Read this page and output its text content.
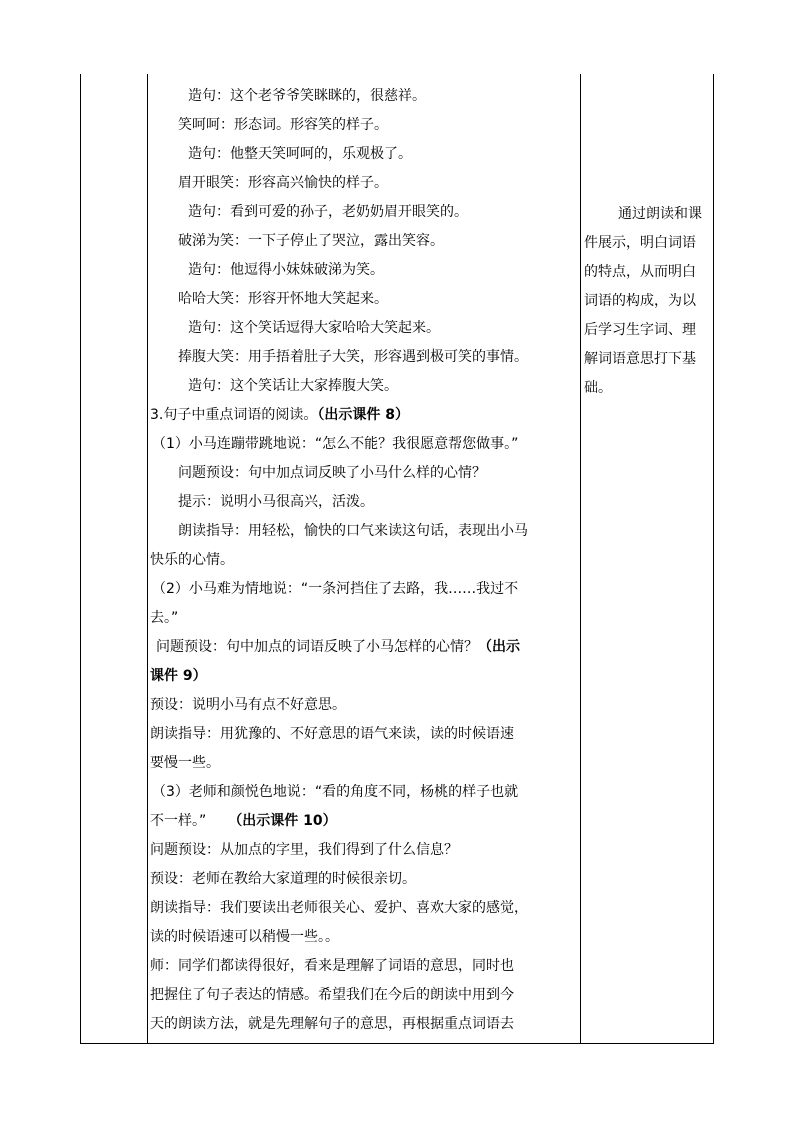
造句：这个老爷爷笑眯眯的，很慈祥。
笑呵呵：形态词。形容笑的样子。
造句：他整天笑呵呵的，乐观极了。
眉开眼笑：形容高兴愉快的样子。
造句：看到可爱的孙子，老奶奶眉开眼笑的。
破涕为笑：一下子停止了哭泣，露出笑容。
造句：他逗得小妹妹破涕为笑。
哈哈大笑：形容开怀地大笑起来。
造句：这个笑话逗得大家哈哈大笑起来。
捧腹大笑：用手捂着肚子大笑，形容遇到极可笑的事情。
造句：这个笑话让大家捧腹大笑。
3.句子中重点词语的阅读。（出示课件 8）
（1）小马连蹦带跳地说：“怎么不能？我很愿意帮您做事。”
问题预设：句中加点词反映了小马什么样的心情？
提示：说明小马很高兴，活泼。
朗读指导：用轻松，愉快的口气来读这句话，表现出小马
快乐的心情。
（2）小马难为情地说：“一条河挡住了去路，我……我过不
去。”
问题预设：句中加点的词语反映了小马怎样的心情？（出示
课件 9）
预设：说明小马有点不好意思。
朗读指导：用犹豫的、不好意思的语气来读，读的时候语速
要慢一些。
（3）老师和颜悦色地说：“看的角度不同，杨桃的样子也就
不一样。” （出示课件 10）
问题预设：从加点的字里，我们得到了什么信息？
预设：老师在教给大家道理的时候很亲切。
朗读指导：我们要读出老师很关心、爱护、喜欢大家的感觉，
读的时候语速可以稍慢一些。。
师：同学们都读得很好，看来是理解了词语的意思，同时也
把握住了句子表达的情感。希望我们在今后的朗读中用到今
天的朗读方法，就是先理解句子的意思，再根据重点词语去
通过朗读和课
件展示，明白词语
的特点，从而明白
词语的构成，为以
后学习生字词、理
解词语意思打下基
础。
